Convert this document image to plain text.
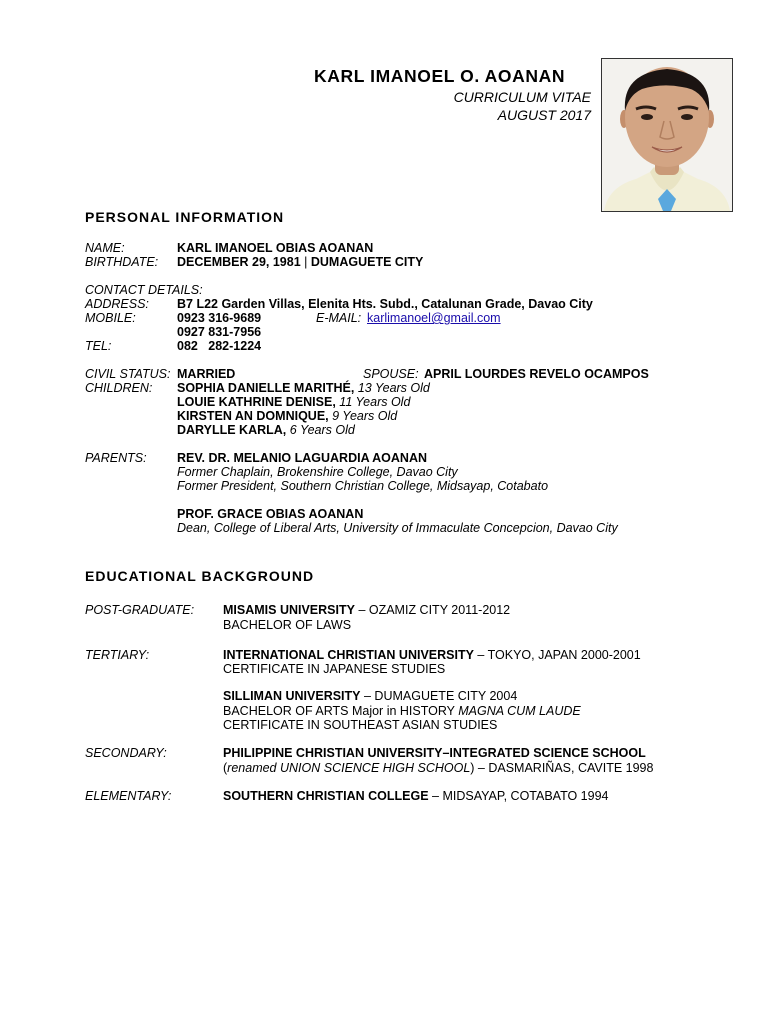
KARL IMANOEL O. AOANAN
CURRICULUM VITAE
AUGUST 2017
PERSONAL INFORMATION
NAME:	KARL IMANOEL OBIAS AOANAN
BIRTHDATE: DECEMBER 29, 1981 | DUMAGUETE CITY
CONTACT DETAILS:
ADDRESS: B7 L22 Garden Villas, Elenita Hts. Subd., Catalunan Grade, Davao City
MOBILE:	0923 316-9689	E-MAIL: karlimanoel@gmail.com
0927 831-7956
TEL:	082   282-1224
CIVIL STATUS: MARRIED	SPOUSE: APRIL LOURDES REVELO OCAMPOS
CHILDREN: SOPHIA DANIELLE MARITHÉ, 13 Years Old
LOUIE KATHRINE DENISE, 11 Years Old
KIRSTEN AN DOMNIQUE, 9 Years Old
DARYLLE KARLA, 6 Years Old
PARENTS: REV. DR. MELANIO LAGUARDIA AOANAN
Former Chaplain, Brokenshire College, Davao City
Former President, Southern Christian College, Midsayap, Cotabato
PROF. GRACE OBIAS AOANAN
Dean, College of Liberal Arts, University of Immaculate Concepcion, Davao City
EDUCATIONAL BACKGROUND
POST-GRADUATE: MISAMIS UNIVERSITY – OZAMIZ CITY 2011-2012
BACHELOR OF LAWS
TERTIARY:	INTERNATIONAL CHRISTIAN UNIVERSITY – TOKYO, JAPAN 2000-2001
CERTIFICATE IN JAPANESE STUDIES
SILLIMAN UNIVERSITY – DUMAGUETE CITY 2004
BACHELOR OF ARTS Major in HISTORY MAGNA CUM LAUDE
CERTIFICATE IN SOUTHEAST ASIAN STUDIES
SECONDARY:	PHILIPPINE CHRISTIAN UNIVERSITY–INTEGRATED SCIENCE SCHOOL
(renamed UNION SCIENCE HIGH SCHOOL) – DASMARIÑAS, CAVITE 1998
ELEMENTARY:	SOUTHERN CHRISTIAN COLLEGE – MIDSAYAP, COTABATO 1994
